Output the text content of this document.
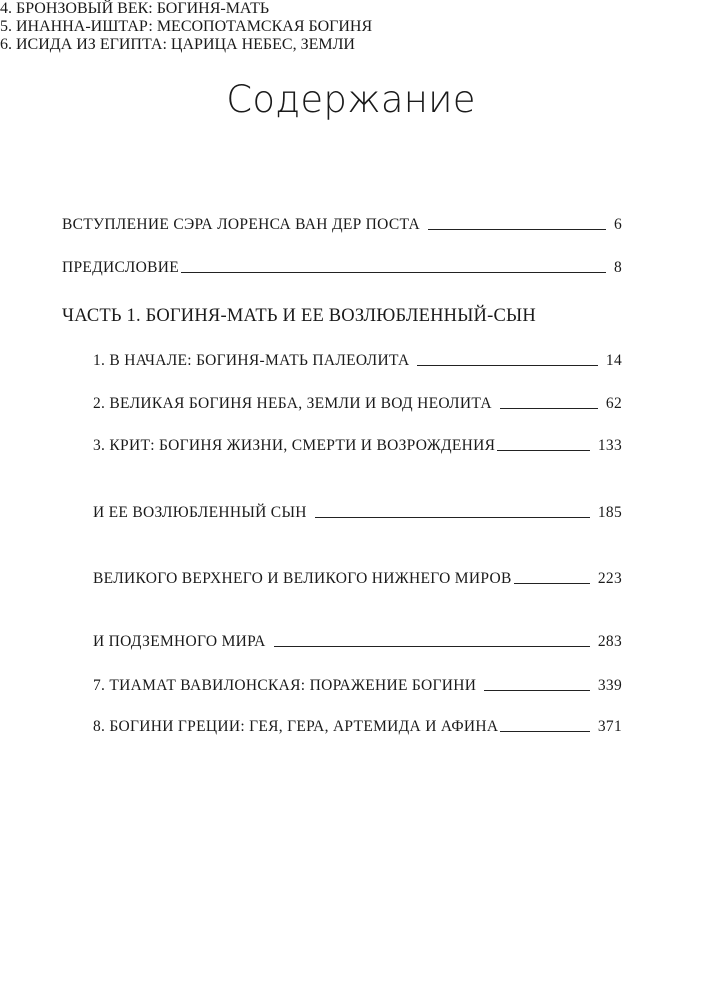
Содержание
ВСТУПЛЕНИЕ СЭРА ЛОРЕНСА ВАН ДЕР ПОСТА	6
ПРЕДИСЛОВИЕ	8
ЧАСТЬ 1. БОГИНЯ-МАТЬ И ЕЕ ВОЗЛЮБЛЕННЫЙ-СЫН
1. В НАЧАЛЕ: БОГИНЯ-МАТЬ ПАЛЕОЛИТА	14
2. ВЕЛИКАЯ БОГИНЯ НЕБА, ЗЕМЛИ И ВОД НЕОЛИТА	62
3. КРИТ: БОГИНЯ ЖИЗНИ, СМЕРТИ И ВОЗРОЖДЕНИЯ	133
4. БРОНЗОВЫЙ ВЕК: БОГИНЯ-МАТЬ
И ЕЕ ВОЗЛЮБЛЕННЫЙ СЫН	185
5. ИНАННА-ИШТАР: МЕСОПОТАМСКАЯ БОГИНЯ
ВЕЛИКОГО ВЕРХНЕГО И ВЕЛИКОГО НИЖНЕГО МИРОВ	223
6. ИСИДА ИЗ ЕГИПТА: ЦАРИЦА НЕБЕС, ЗЕМЛИ
И ПОДЗЕМНОГО МИРА	283
7. ТИАМАТ ВАВИЛОНСКАЯ: ПОРАЖЕНИЕ БОГИНИ	339
8. БОГИНИ ГРЕЦИИ: ГЕЯ, ГЕРА, АРТЕМИДА И АФИНА	371
